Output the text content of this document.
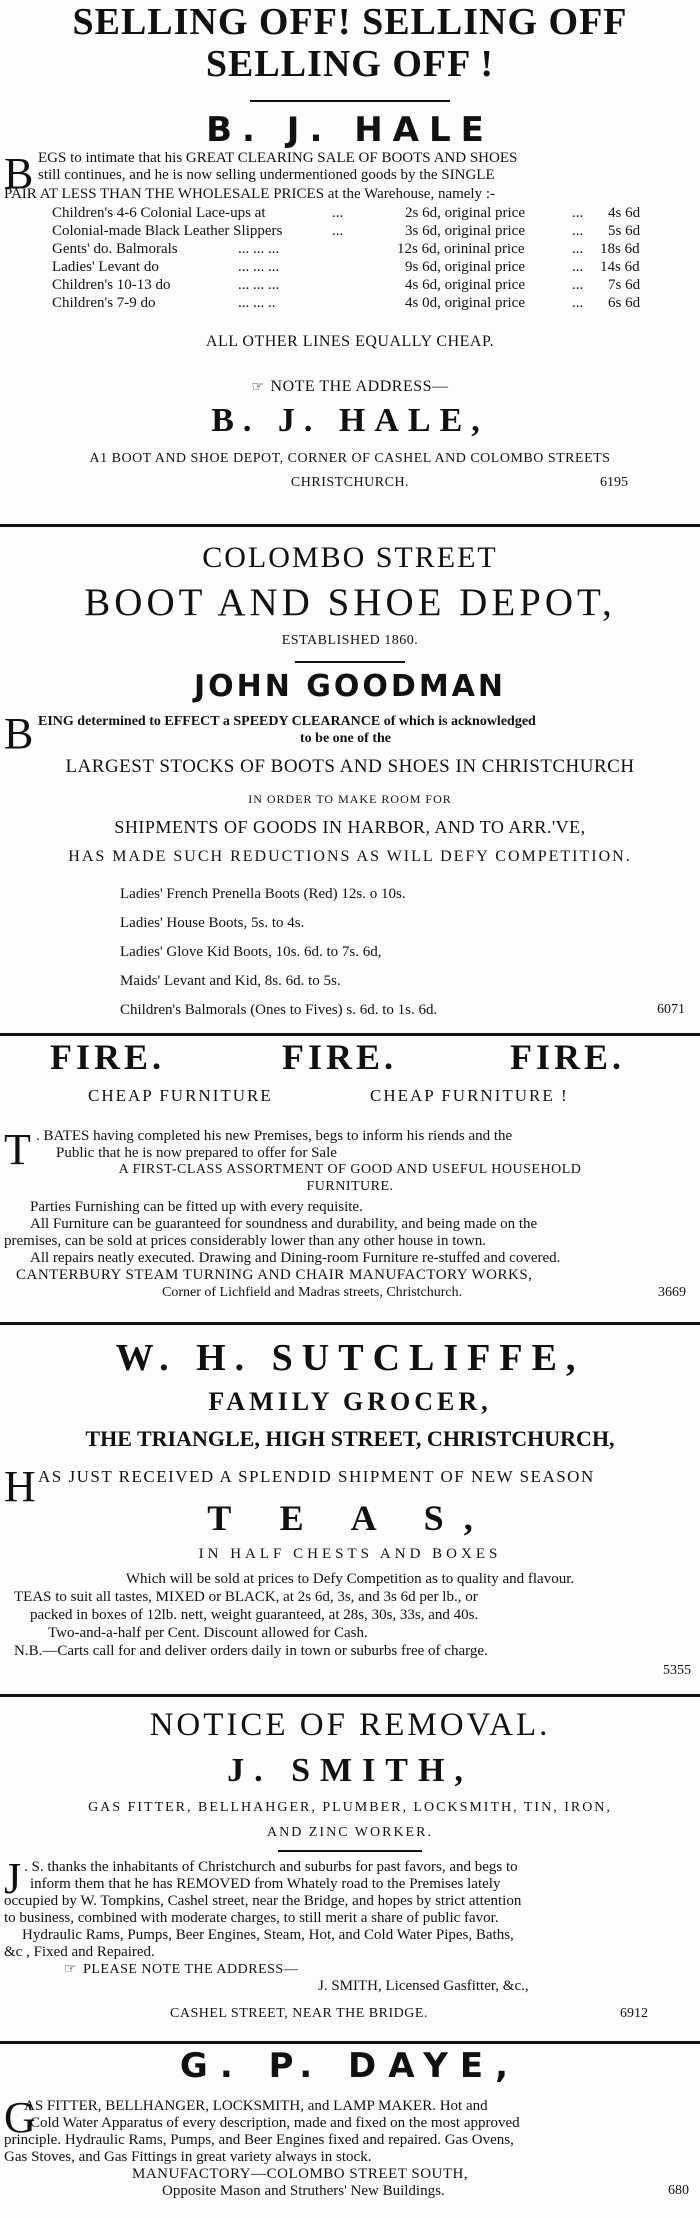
SELLING OFF! SELLING OFF
SELLING OFF !
B. J. HALE
B EGS to intimate that his GREAT CLEARING SALE OF BOOTS AND SHOES
still continues, and he is now selling undermentioned goods by the SINGLE
PAIR AT LESS THAN THE WHOLESALE PRICES at the Warehouse, namely :-
Children's 4-6 Colonial Lace-ups at	...	2s 6d, original price	... 4s 6d
Colonial-made Black Leather Slippers	...	3s 6d, original price	... 5s 6d
Gents' do. Balmorals	... ... ...	12s 6d, orininal price	... 18s 6d
Ladies' Levant do	... ... ...	9s 6d, original price	... 14s 6d
Children's 10-13 do	... ... ...	4s 6d, original price	... 7s 6d
Children's 7-9 do	... ... ..	4s 0d, original price	... 6s 6d
ALL OTHER LINES EQUALLY CHEAP.
☞ NOTE THE ADDRESS—
B. J. HALE,
A1 BOOT AND SHOE DEPOT, CORNER OF CASHEL AND COLOMBO STREETS
CHRISTCHURCH.	6195
COLOMBO STREET
BOOT AND SHOE DEPOT,
ESTABLISHED 1860.
JOHN GOODMAN
B EING determined to EFFECT a SPEEDY CLEARANCE of which is acknowledged
to be one of the
LARGEST STOCKS OF BOOTS AND SHOES IN CHRISTCHURCH
IN ORDER TO MAKE ROOM FOR
SHIPMENTS OF GOODS IN HARBOR, AND TO ARR.'VE,
HAS MADE SUCH REDUCTIONS AS WILL DEFY COMPETITION.
Ladies' French Prenella Boots (Red) 12s. o 10s.
Ladies' House Boots, 5s. to 4s.
Ladies' Glove Kid Boots, 10s. 6d. to 7s. 6d,
Maids' Levant and Kid, 8s. 6d. to 5s.
Children's Balmorals (Ones to Fives) s. 6d. to 1s. 6d.	6071
FIRE.	FIRE.	FIRE.
CHEAP FURNITURE	CHEAP FURNITURE !
T . BATES having completed his new Premises, begs to inform his riends and the
Public that he is now prepared to offer for Sale
A FIRST-CLASS ASSORTMENT OF GOOD AND USEFUL HOUSEHOLD
FURNITURE.
Parties Furnishing can be fitted up with every requisite.
All Furniture can be guaranteed for soundness and durability, and being made on the
premises, can be sold at prices considerably lower than any other house in town.
All repairs neatly executed. Drawing and Dining-room Furniture re-stuffed and covered.
CANTERBURY STEAM TURNING AND CHAIR MANUFACTORY WORKS,
Corner of Lichfield and Madras streets, Christchurch.	3669
W. H. SUTCLIFFE,
FAMILY GROCER,
THE TRIANGLE, HIGH STREET, CHRISTCHURCH,
H AS JUST RECEIVED A SPLENDID SHIPMENT OF NEW SEASON
T E A S,
IN HALF CHESTS AND BOXES
Which will be sold at prices to Defy Competition as to quality and flavour.
TEAS to suit all tastes, MIXED or BLACK, at 2s 6d, 3s, and 3s 6d per lb., or
packed in boxes of 12lb. nett, weight guaranteed, at 28s, 30s, 33s, and 40s.
Two-and-a-half per Cent. Discount allowed for Cash.
N.B.—Carts call for and deliver orders daily in town or suburbs free of charge.
5355
NOTICE OF REMOVAL.
J. SMITH,
GAS FITTER, BELLHAHGER, PLUMBER, LOCKSMITH, TIN, IRON,
AND ZINC WORKER.
J . S. thanks the inhabitants of Christchurch and suburbs for past favors, and begs to
inform them that he has REMOVED from Whately road to the Premises lately
occupied by W. Tompkins, Cashel street, near the Bridge, and hopes by strict attention
to business, combined with moderate charges, to still merit a share of public favor.
Hydraulic Rams, Pumps, Beer Engines, Steam, Hot, and Cold Water Pipes, Baths,
&c , Fixed and Repaired.
☞ PLEASE NOTE THE ADDRESS—
J. SMITH, Licensed Gasfitter, &c.,
CASHEL STREET, NEAR THE BRIDGE.	6912
G. P. DAYE,
G
AS FITTER, BELLHANGER, LOCKSMITH, and LAMP MAKER. Hot and
Cold Water Apparatus of every description, made and fixed on the most approved
principle. Hydraulic Rams, Pumps, and Beer Engines fixed and repaired. Gas Ovens,
Gas Stoves, and Gas Fittings in great variety always in stock.
MANUFACTORY—COLOMBO STREET SOUTH,
Opposite Mason and Struthers' New Buildings.	680
